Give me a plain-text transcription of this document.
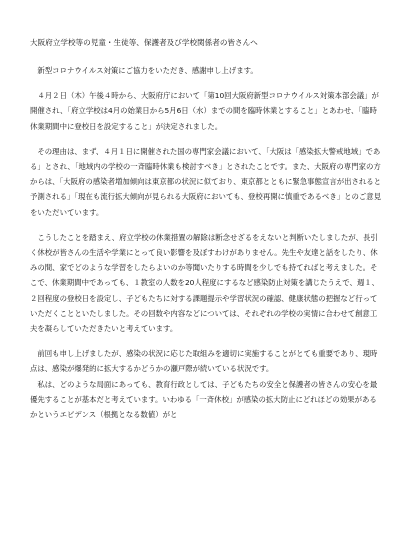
大阪府立学校等の児童・生徒等、保護者及び学校関係者の皆さんへ

新型コロナウイルス対策にご協力をいただき、感謝申し上げます。

４月２日（木）午後４時から、大阪府庁において「第10回大阪府新型コロナウイルス対策本部会議」が開催され、「府立学校は4月の始業日から5月6日（水）までの間を臨時休業とすること」とあわせ、「臨時休業期間中に登校日を設定すること」が決定されました。

その理由は、まず、４月１日に開催された国の専門家会議において、「大阪は「感染拡大警戒地域」である」とされ、「地域内の学校の一斉臨時休業も検討すべき」とされたことです。また、大阪府の専門家の方からは、「大阪府の感染者増加傾向は東京都の状況に似ており、東京都とともに緊急事態宣言が出されると予測される」「現在も流行拡大傾向が見られる大阪府においても、登校再開に慎重であるべき」とのご意見をいただいています。

こうしたことを踏まえ、府立学校の休業措置の解除は断念せざるをえないと判断いたしましたが、長引く休校が皆さんの生活や学業にとって良い影響を及ぼすわけがありません。先生や友達と話をしたり、休みの間、家でどのような学習をしたらよいのか等聞いたりする時間を少しでも持てればと考えました。そこで、休業期間中であっても、１教室の人数を20人程度にするなど感染防止対策を講じたうえで、週１、２回程度の登校日を設定し、子どもたちに対する課題提示や学習状況の確認、健康状態の把握など行っていただくことといたしました。その回数や内容などについては、それぞれの学校の実情に合わせて創意工夫を凝らしていただきたいと考えています。

前回も申し上げましたが、感染の状況に応じた取組みを適切に実施することがとても重要であり、現時点は、感染が爆発的に拡大するかどうかの瀬戸際が続いている状況です。

私は、どのような局面にあっても、教育行政としては、子どもたちの安全と保護者の皆さんの安心を最優先することが基本だと考えています。いわゆる「一斉休校」が感染の拡大防止にどれほどの効果があるかというエビデンス（根拠となる数値）がと
